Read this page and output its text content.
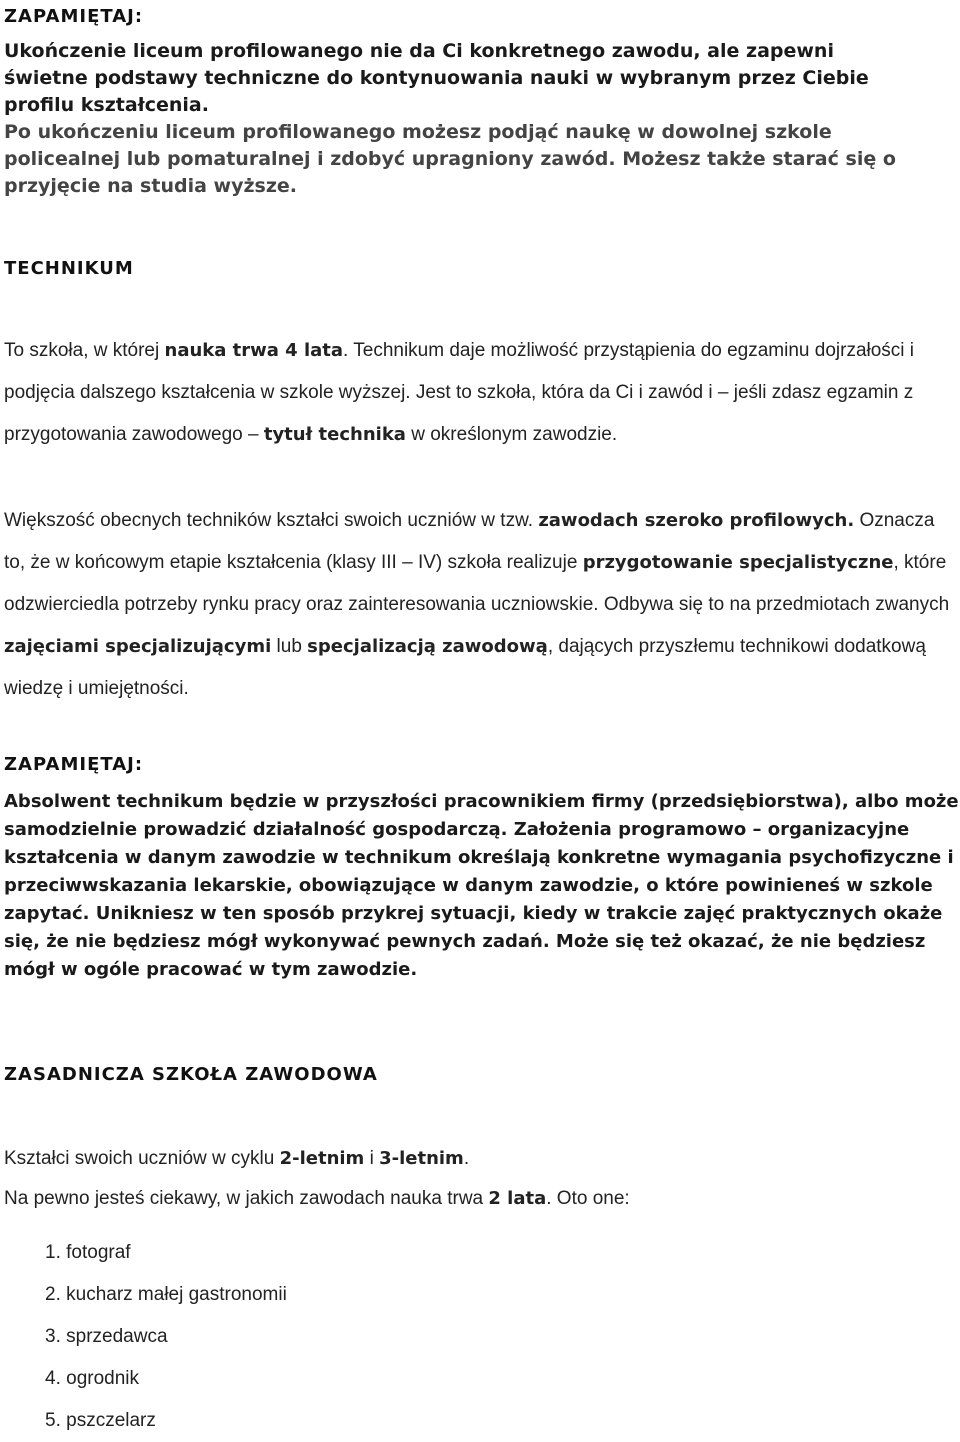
ZAPAMIĘTAJ:

Ukończenie liceum profilowanego nie da Ci konkretnego zawodu, ale zapewni
świetne podstawy techniczne do kontynuowania nauki w wybranym przez Ciebie
profilu kształcenia.
Po ukończeniu liceum profilowanego możesz podjąć naukę w dowolnej szkole
policealnej lub pomaturalnej i zdobyć upragniony zawód. Możesz także starać się o
przyjęcie na studia wyższe.

TECHNIKUM

To szkoła, w której nauka trwa 4 lata. Technikum daje możliwość przystąpienia do egzaminu dojrzałości i podjęcia dalszego kształcenia w szkole wyższej. Jest to szkoła, która da Ci i zawód i – jeśli zdasz egzamin z przygotowania zawodowego – tytuł technika w określonym zawodzie.

Większość obecnych techników kształci swoich uczniów w tzw. zawodach szeroko profilowych. Oznacza to, że w końcowym etapie kształcenia (klasy III – IV) szkoła realizuje przygotowanie specjalistyczne, które odzwierciedla potrzeby rynku pracy oraz zainteresowania uczniowskie. Odbywa się to na przedmiotach zwanych zajęciami specjalizującymi lub specjalizacją zawodową, dających przyszłemu technikowi dodatkową wiedzę i umiejętności.

ZAPAMIĘTAJ:

Absolwent technikum będzie w przyszłości pracownikiem firmy (przedsiębiorstwa), albo może samodzielnie prowadzić działalność gospodarczą. Założenia programowo – organizacyjne kształcenia w danym zawodzie w technikum określają konkretne wymagania psychofizyczne i przeciwwskazania lekarskie, obowiązujące w danym zawodzie, o które powinieneś w szkole zapytać. Unikniesz w ten sposób przykrej sytuacji, kiedy w trakcie zajęć praktycznych okaże się, że nie będziesz mógł wykonywać pewnych zadań. Może się też okazać, że nie będziesz mógł w ogóle pracować w tym zawodzie.

ZASADNICZA SZKOŁA ZAWODOWA

Kształci swoich uczniów w cyklu 2-letnim i 3-letnim.

Na pewno jesteś ciekawy, w jakich zawodach nauka trwa 2 lata. Oto one:

1. fotograf
2. kucharz małej gastronomii
3. sprzedawca
4. ogrodnik
5. pszczelarz
